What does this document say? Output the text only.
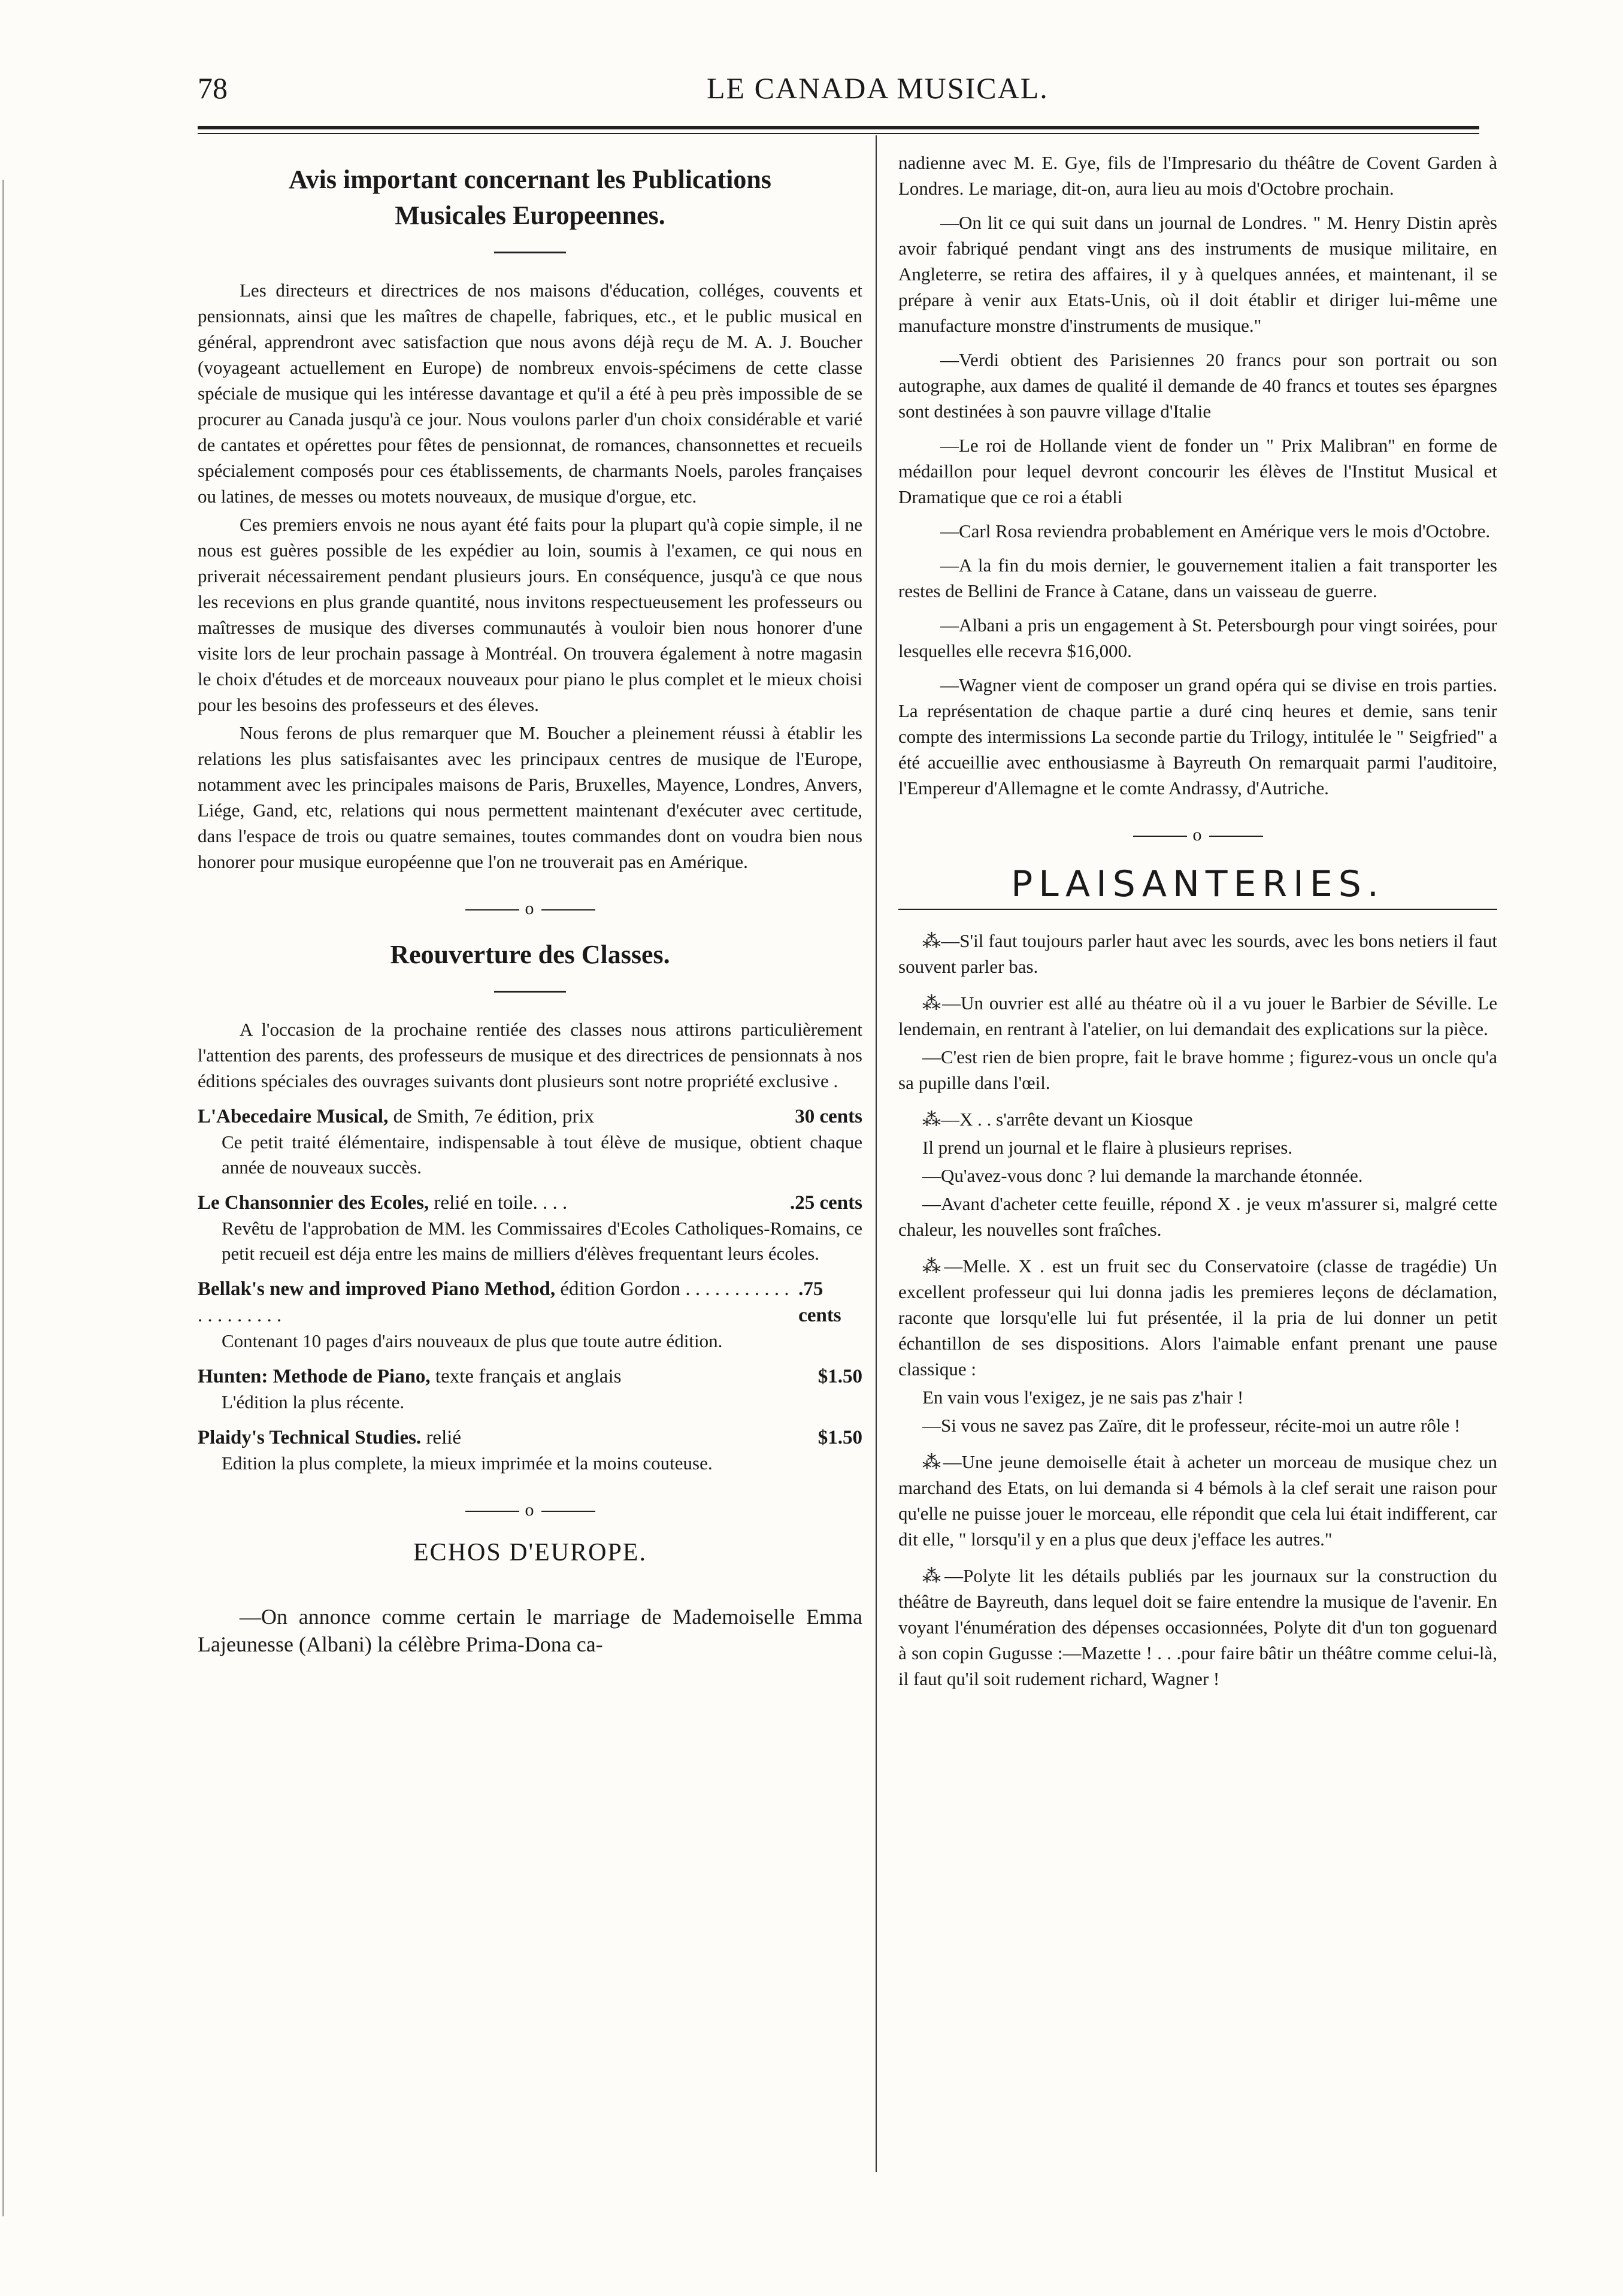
78	LE CANADA MUSICAL.
Avis important concernant les Publications
Musicales Europeennes.

Les directeurs et directrices de nos maisons d'éducation, colléges, couvents et pensionnats, ainsi que les maîtres de chapelle, fabriques, etc., et le public musical en général, apprendront avec satisfaction que nous avons déjà reçu de M. A. J. Boucher (voyageant actuellement en Europe) de nombreux envois-spécimens de cette classe spéciale de musique qui les intéresse davantage et qu'il a été à peu près impossible de se procurer au Canada jusqu'à ce jour. Nous voulons parler d'un choix considérable et varié de cantates et opérettes pour fêtes de pensionnat, de romances, chansonnettes et recueils spécialement composés pour ces établissements, de charmants Noels, paroles françaises ou latines, de messes ou motets nouveaux, de musique d'orgue, etc.

Ces premiers envois ne nous ayant été faits pour la plupart qu'à copie simple, il ne nous est guères possible de les expédier au loin, soumis à l'examen, ce qui nous en priverait nécessairement pendant plusieurs jours. En conséquence, jusqu'à ce que nous les recevions en plus grande quantité, nous invitons respectueusement les professeurs ou maîtresses de musique des diverses communautés à vouloir bien nous honorer d'une visite lors de leur prochain passage à Montréal. On trouvera également à notre magasin le choix d'études et de morceaux nouveaux pour piano le plus complet et le mieux choisi pour les besoins des professeurs et des éleves.

Nous ferons de plus remarquer que M. Boucher a pleinement réussi à établir les relations les plus satisfaisantes avec les principaux centres de musique de l'Europe, notamment avec les principales maisons de Paris, Bruxelles, Mayence, Londres, Anvers, Liége, Gand, etc, relations qui nous permettent maintenant d'exécuter avec certitude, dans l'espace de trois ou quatre semaines, toutes commandes dont on voudra bien nous honorer pour musique européenne que l'on ne trouverait pas en Amérique.

o
Reouverture des Classes.

A l'occasion de la prochaine rentiée des classes nous attirons particulièrement l'attention des parents, des professeurs de musique et des directrices de pensionnats à nos éditions spéciales des ouvrages suivants dont plusieurs sont notre propriété exclusive .

L'Abecedaire Musical, de Smith, 7e édition, prix	30 cents
Ce petit traité élémentaire, indispensable à tout élève de musique, obtient chaque année de nouveaux succès.
Le Chansonnier des Ecoles, relié en toile. . . .	.25 cents
Revêtu de l'approbation de MM. les Commissaires d'Ecoles Catholiques-Romains, ce petit recueil est déja entre les mains de milliers d'élèves frequentant leurs écoles.
Bellak's new and improved Piano Method, édition Gordon . . . . . . . . . . . . . . . . . . . .
.75 cents
Contenant 10 pages d'airs nouveaux de plus que toute autre édition.
Hunten: Methode de Piano, texte français et anglais	$1.50
L'édition la plus récente.
Plaidy's Technical Studies. relié	$1.50
Edition la plus complete, la mieux imprimée et la moins couteuse.
o
ECHOS D'EUROPE.

—On annonce comme certain le marriage de Mademoiselle Emma Lajeunesse (Albani) la célèbre Prima-Dona ca-

nadienne avec M. E. Gye, fils de l'Impresario du théâtre de Covent Garden à Londres. Le mariage, dit-on, aura lieu au mois d'Octobre prochain.

—On lit ce qui suit dans un journal de Londres. " M. Henry Distin après avoir fabriqué pendant vingt ans des instruments de musique militaire, en Angleterre, se retira des affaires, il y à quelques années, et maintenant, il se prépare à venir aux Etats-Unis, où il doit établir et diriger lui-même une manufacture monstre d'instruments de musique."

—Verdi obtient des Parisiennes 20 francs pour son portrait ou son autographe, aux dames de qualité il demande de 40 francs et toutes ses épargnes sont destinées à son pauvre village d'Italie

—Le roi de Hollande vient de fonder un " Prix Malibran" en forme de médaillon pour lequel devront concourir les élèves de l'Institut Musical et Dramatique que ce roi a établi

—Carl Rosa reviendra probablement en Amérique vers le mois d'Octobre.

—A la fin du mois dernier, le gouvernement italien a fait transporter les restes de Bellini de France à Catane, dans un vaisseau de guerre.

—Albani a pris un engagement à St. Petersbourgh pour vingt soirées, pour lesquelles elle recevra $16,000.

—Wagner vient de composer un grand opéra qui se divise en trois parties. La représentation de chaque partie a duré cinq heures et demie, sans tenir compte des intermissions La seconde partie du Trilogy, intitulée le " Seigfried" a été accueillie avec enthousiasme à Bayreuth On remarquait parmi l'auditoire, l'Empereur d'Allemagne et le comte Andrassy, d'Autriche.

o
PLAISANTERIES.

⁂—S'il faut toujours parler haut avec les sourds, avec les bons netiers il faut souvent parler bas.

⁂—Un ouvrier est allé au théatre où il a vu jouer le Barbier de Séville. Le lendemain, en rentrant à l'atelier, on lui demandait des explications sur la pièce.

—C'est rien de bien propre, fait le brave homme ; figurez-vous un oncle qu'a sa pupille dans l'œil.

⁂—X . . s'arrête devant un Kiosque

Il prend un journal et le flaire à plusieurs reprises.

—Qu'avez-vous donc ? lui demande la marchande étonnée.

—Avant d'acheter cette feuille, répond X . je veux m'assurer si, malgré cette chaleur, les nouvelles sont fraîches.

⁂—Melle. X . est un fruit sec du Conservatoire (classe de tragédie) Un excellent professeur qui lui donna jadis les premieres leçons de déclamation, raconte que lorsqu'elle lui fut présentée, il la pria de lui donner un petit échantillon de ses dispositions. Alors l'aimable enfant prenant une pause classique :

En vain vous l'exigez, je ne sais pas z'hair !

—Si vous ne savez pas Zaïre, dit le professeur, récite-moi un autre rôle !

⁂—Une jeune demoiselle était à acheter un morceau de musique chez un marchand des Etats, on lui demanda si 4 bémols à la clef serait une raison pour qu'elle ne puisse jouer le morceau, elle répondit que cela lui était indifferent, car dit elle, " lorsqu'il y en a plus que deux j'efface les autres."

⁂—Polyte lit les détails publiés par les journaux sur la construction du théâtre de Bayreuth, dans lequel doit se faire entendre la musique de l'avenir. En voyant l'énumération des dépenses occasionnées, Polyte dit d'un ton goguenard à son copin Gugusse :—Mazette ! . . .pour faire bâtir un théâtre comme celui-là, il faut qu'il soit rudement richard, Wagner !
